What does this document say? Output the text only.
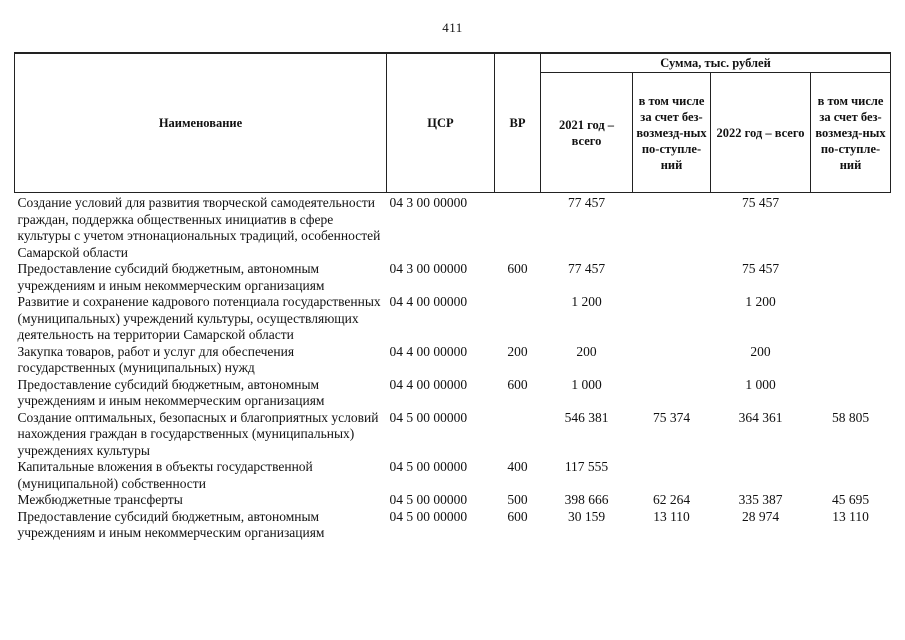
411
Наименование	ЦСР	ВР	Сумма, тыс. рублей			
			2021 год – всего	в том числе за счет без-возмезд-ных по-ступле-ний	2022 год – всего	в том числе за счет без-возмезд-ных по-ступле-ний
Создание условий для развития творческой самодеятельности граждан, поддержка общественных инициатив в сфере культуры с учетом этнонациональных традиций, особенностей Самарской области	04 3 00 00000		77 457		75 457	
Предоставление субсидий бюджетным, автономным учреждениям и иным некоммерческим организациям	04 3 00 00000	600	77 457		75 457	
Развитие и сохранение кадрового потенциала государственных (муниципальных) учреждений культуры, осуществляющих деятельность на территории Самарской области	04 4 00 00000		1 200		1 200	
Закупка товаров, работ и услуг для обеспечения государственных (муниципальных) нужд	04 4 00 00000	200	200		200	
Предоставление субсидий бюджетным, автономным учреждениям и иным некоммерческим организациям	04 4 00 00000	600	1 000		1 000	
Создание оптимальных, безопасных и благоприятных условий нахождения граждан в государственных (муниципальных) учреждениях культуры	04 5 00 00000		546 381	75 374	364 361	58 805
Капитальные вложения в объекты государственной (муниципальной) собственности	04 5 00 00000	400	117 555			
Межбюджетные трансферты	04 5 00 00000	500	398 666	62 264	335 387	45 695
Предоставление субсидий бюджетным, автономным учреждениям и иным некоммерческим организациям	04 5 00 00000	600	30 159	13 110	28 974	13 110
